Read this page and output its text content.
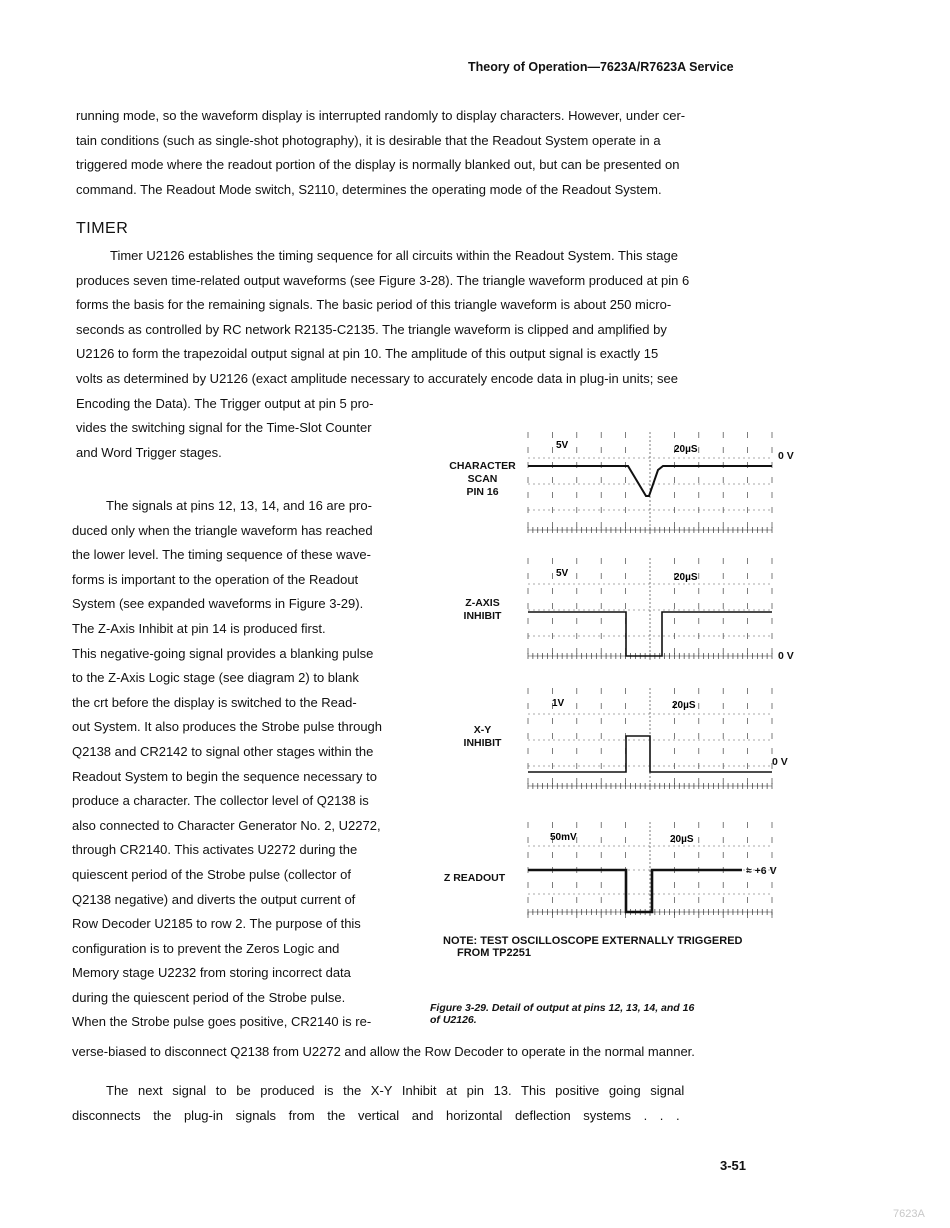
Theory of Operation—7623A/R7623A Service

running mode, so the waveform display is interrupted randomly to display characters. However, under cer-

tain conditions (such as single-shot photography), it is desirable that the Readout System operate in a

triggered mode where the readout portion of the display is normally blanked out, but can be presented on

command. The Readout Mode switch, S2110, determines the operating mode of the Readout System.

TIMER

Timer U2126 establishes the timing sequence for all circuits within the Readout System. This stage

produces seven time-related output waveforms (see Figure 3-28). The triangle waveform produced at pin 6

forms the basis for the remaining signals. The basic period of this triangle waveform is about 250 micro-

seconds as controlled by RC network R2135-C2135. The triangle waveform is clipped and amplified by

U2126 to form the trapezoidal output signal at pin 10. The amplitude of this output signal is exactly 15

volts as determined by U2126 (exact amplitude necessary to accurately encode data in plug-in units; see

Encoding the Data). The Trigger output at pin 5 pro-

vides the switching signal for the Time-Slot Counter

and Word Trigger stages.

The signals at pins 12, 13, 14, and 16 are pro-

duced only when the triangle waveform has reached

the lower level. The timing sequence of these wave-

forms is important to the operation of the Readout

System (see expanded waveforms in Figure 3-29).

The Z-Axis Inhibit at pin 14 is produced first.

This negative-going signal provides a blanking pulse

to the Z-Axis Logic stage (see diagram 2) to blank

the crt before the display is switched to the Read-

out System. It also produces the Strobe pulse through

Q2138 and CR2142 to signal other stages within the

Readout System to begin the sequence necessary to

produce a character. The collector level of Q2138 is

also connected to Character Generator No. 2, U2272,

through CR2140. This activates U2272 during the

quiescent period of the Strobe pulse (collector of

Q2138 negative) and diverts the output current of

Row Decoder U2185 to row 2. The purpose of this

configuration is to prevent the Zeros Logic and

Memory stage U2232 from storing incorrect data

during the quiescent period of the Strobe pulse.

When the Strobe pulse goes positive, CR2140 is re-

verse-biased to disconnect Q2138 from U2272 and allow the Row Decoder to operate in the normal manner.

The next signal to be produced is the X-Y Inhibit at pin 13. This positive going signal

disconnects the plug-in signals from the vertical and horizontal deflection systems . . .

CHARACTER
SCAN
PIN 16
5V	20µS
0 V
Z-AXIS
INHIBIT
5V	20µS
0 V
X-Y
INHIBIT
1V	20µS
0 V
Z READOUT
50mV	20µS
≈ +6 V
NOTE: TEST OSCILLOSCOPE EXTERNALLY TRIGGERED
FROM TP2251
Figure 3-29. Detail of output at pins 12, 13, 14, and 16
of U2126.
3-51
7623A
